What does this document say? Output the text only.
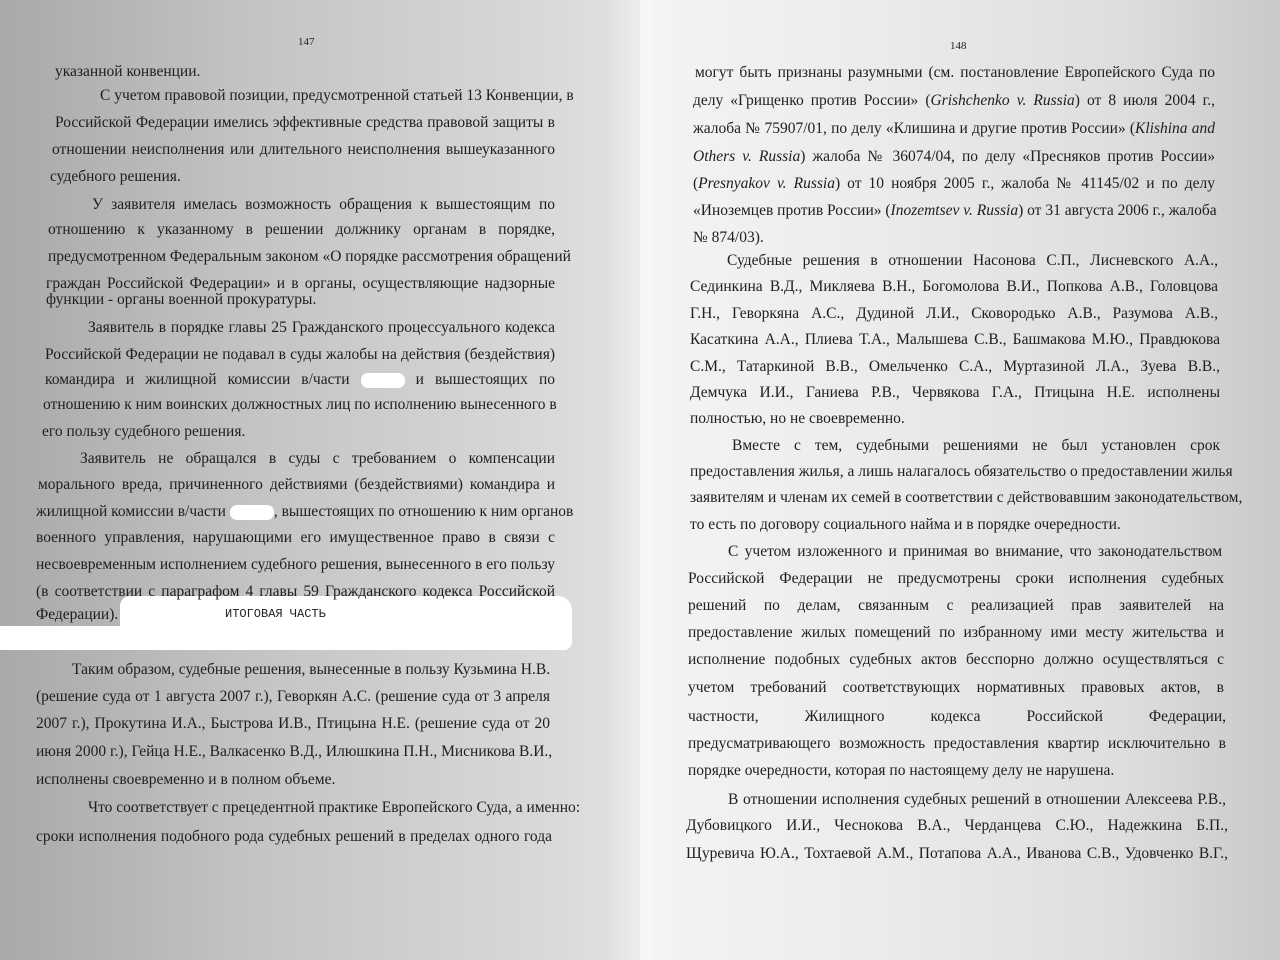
147	148
указанной конвенции.
С учетом правовой позиции, предусмотренной статьей 13 Конвенции, в
Российской Федерации имелись эффективные средства правовой защиты в
отношении неисполнения или длительного неисполнения вышеуказанного
судебного решения.
У заявителя имелась возможность обращения к вышестоящим по
отношению к указанному в решении должнику органам в порядке,
предусмотренном Федеральным законом «О порядке рассмотрения обращений
граждан Российской Федерации» и в органы, осуществляющие надзорные
функции - органы военной прокуратуры.
Заявитель в порядке главы 25 Гражданского процессуального кодекса
Российской Федерации не подавал в суды жалобы на действия (бездействия)
командира и жилищной комиссии в/части	и вышестоящих по
отношению к ним воинских должностных лиц по исполнению вынесенного в
его пользу судебного решения.
Заявитель не обращался в суды с требованием о компенсации
морального вреда, причиненного действиями (бездействиями) командира и
жилищной комиссии в/части	, вышестоящих по отношению к ним органов
военного управления, нарушающими его имущественное право в связи с
несвоевременным исполнением судебного решения, вынесенного в его пользу
(в соответствии с параграфом 4 главы 59 Гражданского кодекса Российской
Федерации).
Таким образом, судебные решения, вынесенные в пользу Кузьмина Н.В.
(решение суда от 1 августа 2007 г.), Геворкян А.С. (решение суда от 3 апреля
2007 г.), Прокутина И.А., Быстрова И.В., Птицына Н.Е. (решение суда от 20
июня 2000 г.), Гейца Н.Е., Валкасенко В.Д., Илюшкина П.Н., Мисникова В.И.,
исполнены своевременно и в полном объеме.
Что соответствует с прецедентной практике Европейского Суда, а именно:
сроки исполнения подобного рода судебных решений в пределах одного года
ИТОГОВАЯ ЧАСТЬ
могут быть признаны разумными (см. постановление Европейского Суда по
делу «Грищенко против России» (Grishchenko v. Russia) от 8 июля 2004 г.,
жалоба № 75907/01, по делу «Клишина и другие против России» (Klishina and
Others v. Russia) жалоба № 36074/04, по делу «Пресняков против России»
(Presnyakov v. Russia) от 10 ноября 2005 г., жалоба № 41145/02 и по делу
«Иноземцев против России» (Inozemtsev v. Russia) от 31 августа 2006 г., жалоба
№ 874/03).
Судебные решения в отношении Насонова С.П., Лисневского А.А.,
Сединкина В.Д., Микляева В.Н., Богомолова В.И., Попкова А.В., Головцова
Г.Н., Геворкяна А.С., Дудиной Л.И., Сковородько А.В., Разумова А.В.,
Касаткина А.А., Плиева Т.А., Малышева С.В., Башмакова М.Ю., Правдюкова
С.М., Татаркиной В.В., Омельченко С.А., Муртазиной Л.А., Зуева В.В.,
Демчука И.И., Ганиева Р.В., Червякова Г.А., Птицына Н.Е. исполнены
полностью, но не своевременно.
Вместе с тем, судебными решениями не был установлен срок
предоставления жилья, а лишь налагалось обязательство о предоставлении жилья
заявителям и членам их семей в соответствии с действовавшим законодательством,
то есть по договору социального найма и в порядке очередности.
С учетом изложенного и принимая во внимание, что законодательством
Российской Федерации не предусмотрены сроки исполнения судебных
решений по делам, связанным с реализацией прав заявителей на
предоставление жилых помещений по избранному ими месту жительства и
исполнение подобных судебных актов бесспорно должно осуществляться с
учетом требований соответствующих нормативных правовых актов, в
частности, Жилищного кодекса Российской Федерации,
предусматривающего возможность предоставления квартир исключительно в
порядке очередности, которая по настоящему делу не нарушена.
В отношении исполнения судебных решений в отношении Алексеева Р.В.,
Дубовицкого И.И., Чеснокова В.А., Черданцева С.Ю., Надежкина Б.П.,
Щуревича Ю.А., Тохтаевой А.М., Потапова А.А., Иванова С.В., Удовченко В.Г.,
